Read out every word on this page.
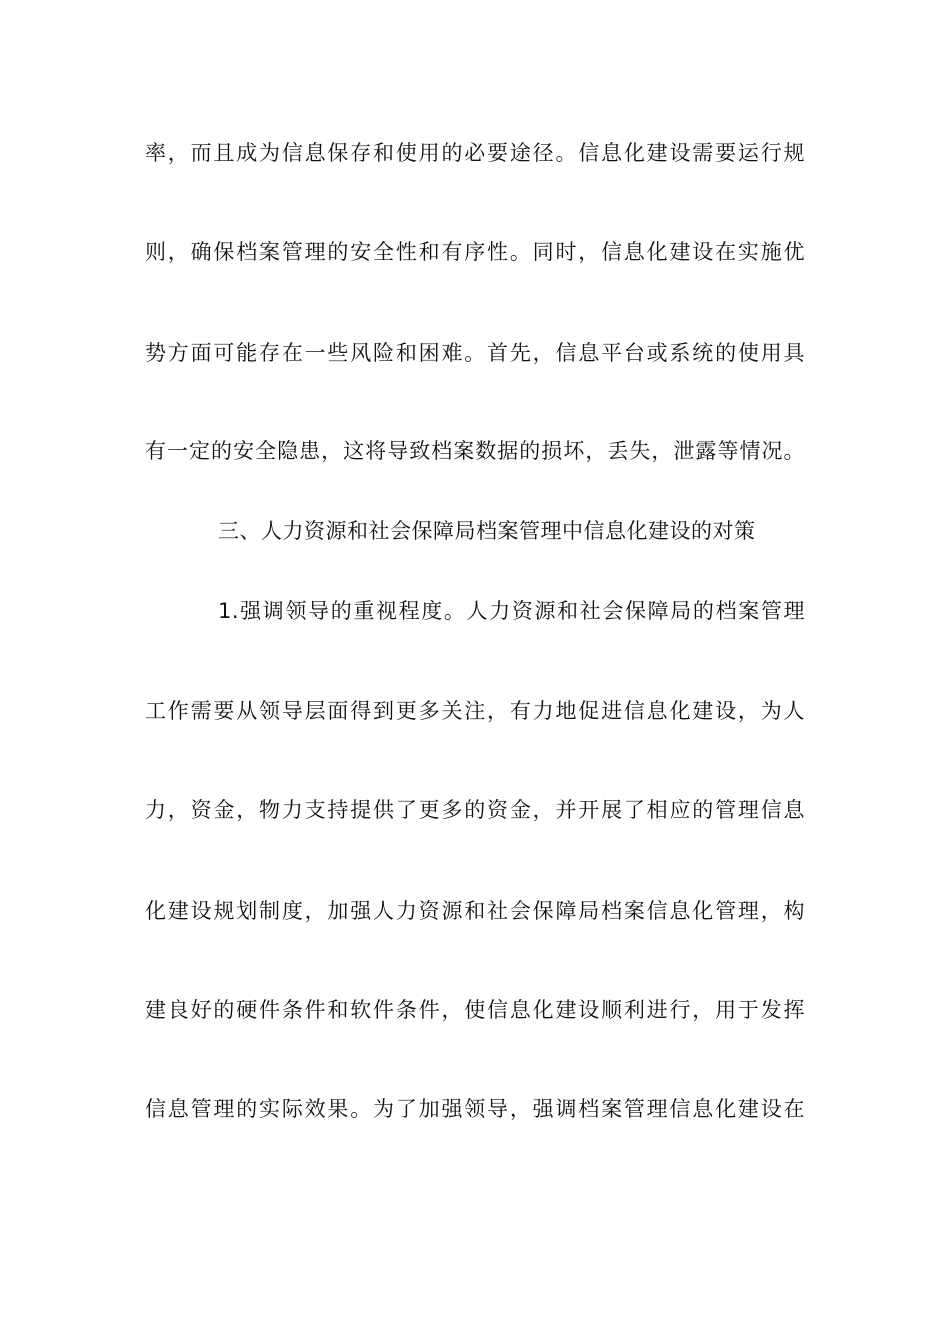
率，而且成为信息保存和使用的必要途径。信息化建设需要运行规
则，确保档案管理的安全性和有序性。同时，信息化建设在实施优
势方面可能存在一些风险和困难。首先，信息平台或系统的使用具
有一定的安全隐患，这将导致档案数据的损坏，丢失，泄露等情况。
三、人力资源和社会保障局档案管理中信息化建设的对策
1.强调领导的重视程度。人力资源和社会保障局的档案管理
工作需要从领导层面得到更多关注，有力地促进信息化建设，为人
力，资金，物力支持提供了更多的资金，并开展了相应的管理信息
化建设规划制度，加强人力资源和社会保障局档案信息化管理，构
建良好的硬件条件和软件条件，使信息化建设顺利进行，用于发挥
信息管理的实际效果。为了加强领导，强调档案管理信息化建设在
